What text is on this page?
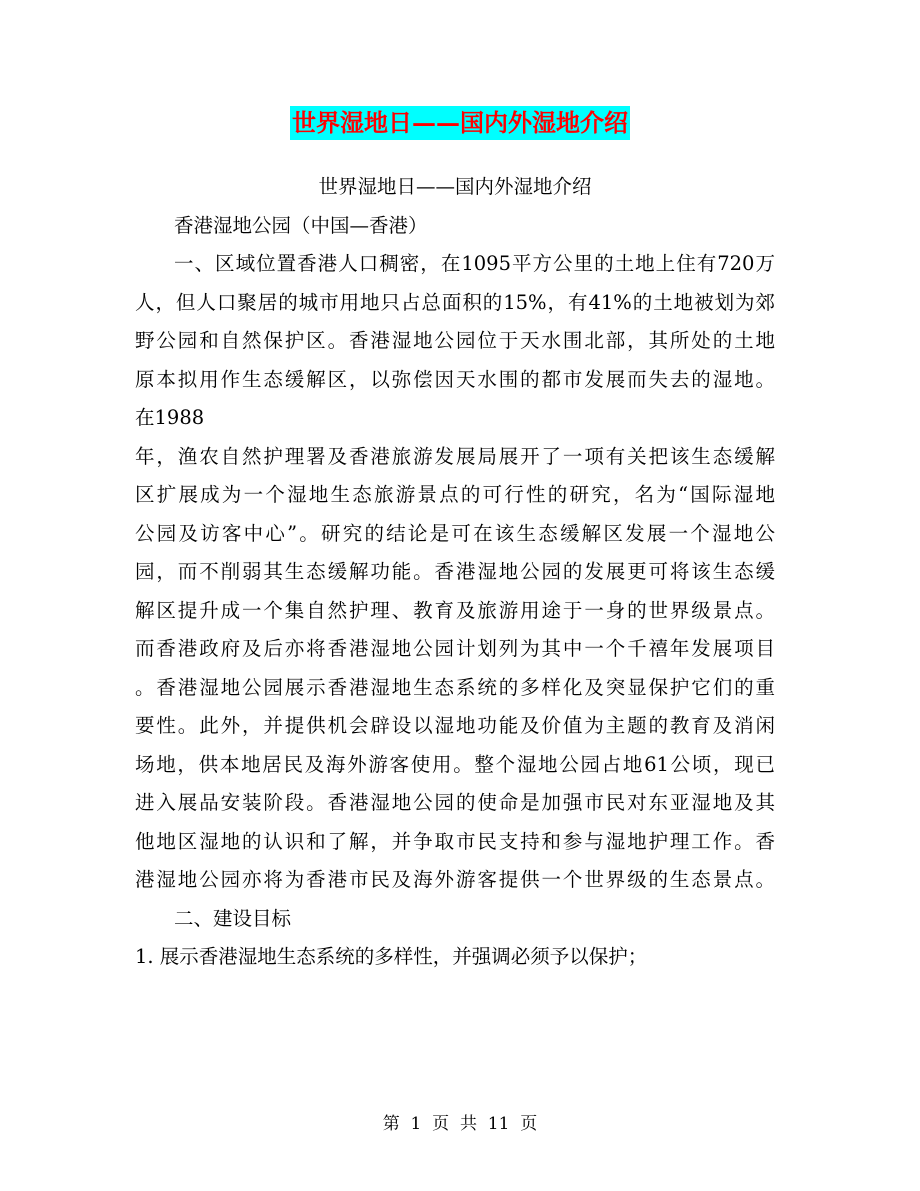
世界湿地日——国内外湿地介绍

世界湿地日——国内外湿地介绍

香港湿地公园（中国—香港）

一、区域位置香港人口稠密，在1095平方公里的土地上住有720万
人，但人口聚居的城市用地只占总面积的15%，有41%的土地被划为郊
野公园和自然保护区。香港湿地公园位于天水围北部，其所处的土地
原本拟用作生态缓解区，以弥偿因天水围的都市发展而失去的湿地。
在1988

年，渔农自然护理署及香港旅游发展局展开了一项有关把该生态缓解
区扩展成为一个湿地生态旅游景点的可行性的研究，名为“国际湿地
公园及访客中心”。研究的结论是可在该生态缓解区发展一个湿地公
园，而不削弱其生态缓解功能。香港湿地公园的发展更可将该生态缓
解区提升成一个集自然护理、教育及旅游用途于一身的世界级景点。
而香港政府及后亦将香港湿地公园计划列为其中一个千禧年发展项目
。香港湿地公园展示香港湿地生态系统的多样化及突显保护它们的重
要性。此外，并提供机会辟设以湿地功能及价值为主题的教育及消闲
场地，供本地居民及海外游客使用。整个湿地公园占地61公顷，现已
进入展品安装阶段。香港湿地公园的使命是加强市民对东亚湿地及其
他地区湿地的认识和了解，并争取市民支持和参与湿地护理工作。香
港湿地公园亦将为香港市民及海外游客提供一个世界级的生态景点。

二、建设目标

1. 展示香港湿地生态系统的多样性，并强调必须予以保护；

第  1  页  共  11  页
